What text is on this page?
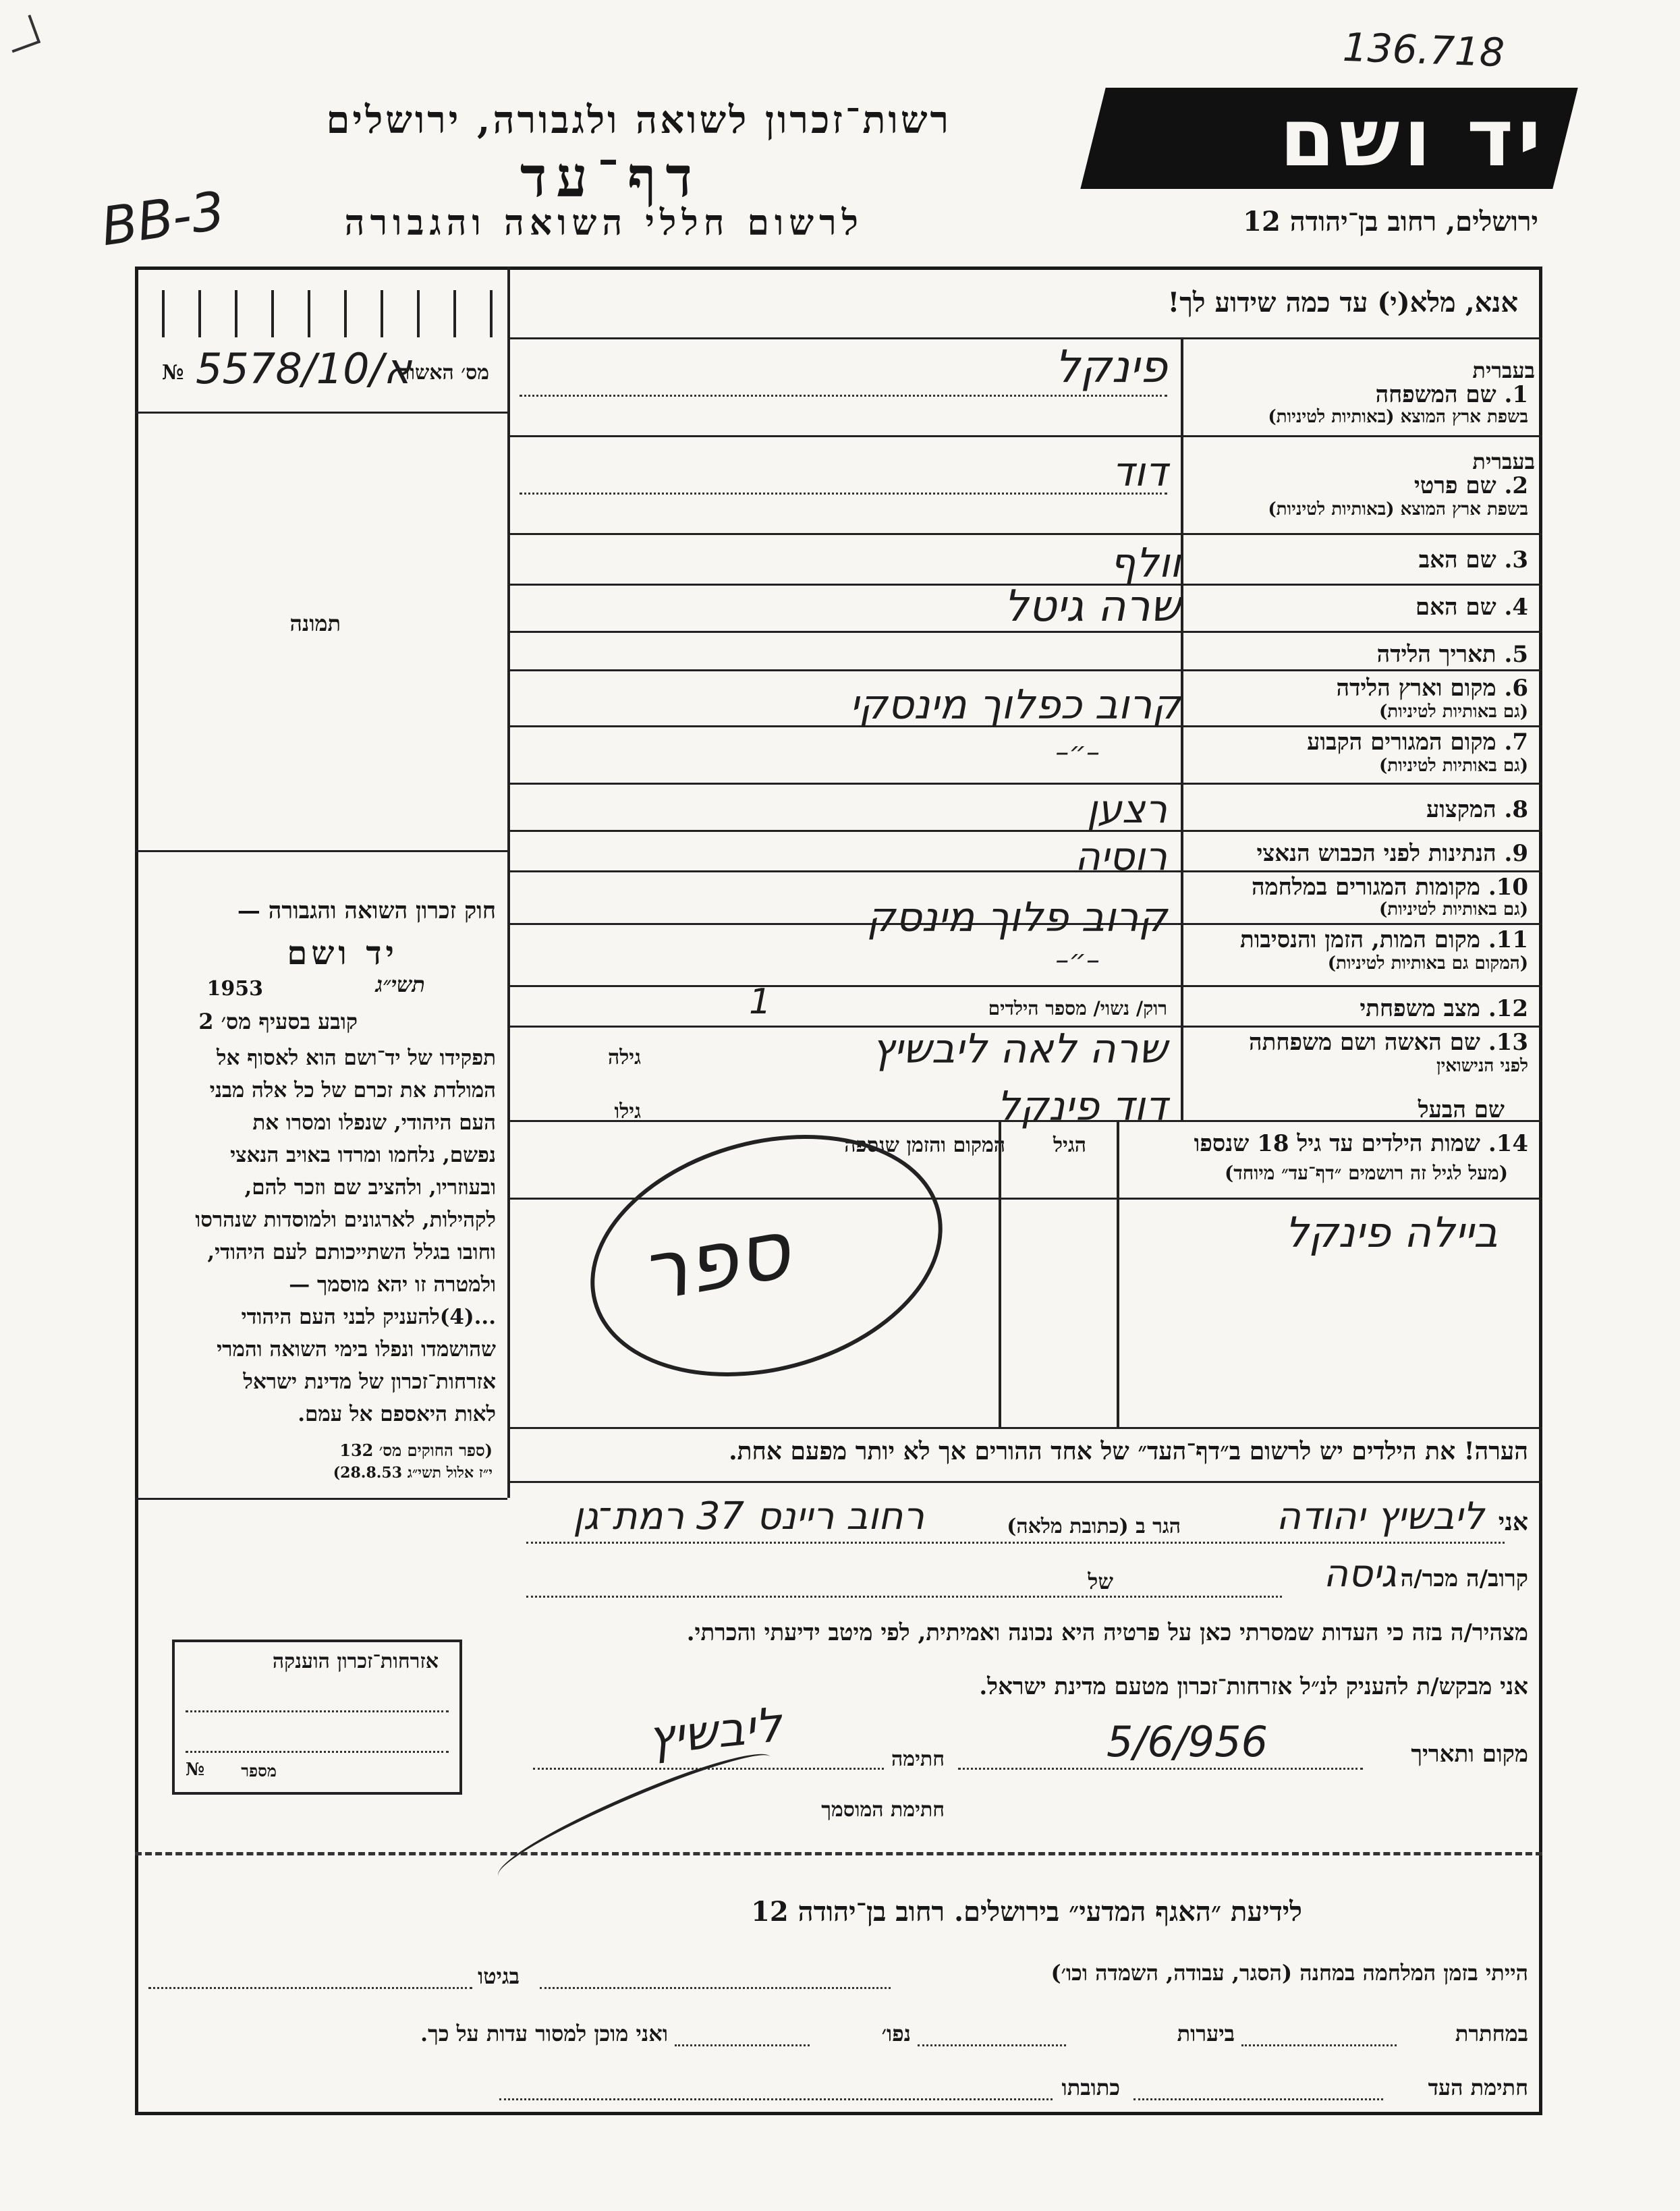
136.718
BB-3
רשות־זכרון לשואה ולגבורה, ירושלים
דף־עד
לרשום חללי השואה והגבורה
יד ושם
ירושלים, רחוב בן־יהודה 12
אנא, מלא(י) עד כמה שידוע לך!
מס׳ האשור
א/5578/10
№
תמונה
חוק זכרון השואה והגבורה —
יד ושם
תשי״ג
1953
קובע בסעיף מס׳ 2
תפקידו של יד־ושם הוא לאסוף אל
המולדת את זכרם של כל אלה מבני
העם היהודי, שנפלו ומסרו את
נפשם, נלחמו ומרדו באויב הנאצי
ובעוזריו, ולהציב שם וזכר להם,
לקהילות, לארגונים ולמוסדות שנהרסו
וחובו בגלל השתייכותם לעם היהודי,
ולמטרה זו יהא מוסמך —
...(4)להעניק לבני העם היהודי
שהושמדו ונפלו בימי השואה והמרי
אזרחות־זכרון של מדינת ישראל
לאות היאספם אל עמם.
(ספר החוקים מס׳ 132
י״ז אלול תשי״ג 28.8.53)
בעברית
1. שם המשפחה
בשפת ארץ המוצא (באותיות לטיניות)
בעברית
2. שם פרטי
בשפת ארץ המוצא (באותיות לטיניות)
3. שם האב
4. שם האם
5. תאריך הלידה
6. מקום וארץ הלידה
(גם באותיות לטיניות)
7. מקום המגורים הקבוע
(גם באותיות לטיניות)
8. המקצוע
9. הנתינות לפני הכבוש הנאצי
10. מקומות המגורים במלחמה
(גם באותיות לטיניות)
11. מקום המות, הזמן והנסיבות
(המקום גם באותיות לטיניות)
12. מצב משפחתי
13. שם האשה ושם משפחתה
לפני הנישואין
שם הבעל
פינקל
דוד
וולף
שרה גיטל
קרוב כפלוך מינסקי
–״–
רצען
רוסיה
קרוב פלוך מינסק
–״–
רוק/ נשוי/ מספר הילדים
1
שרה לאה ליבשיץ
גילה
דוד פינקל
גילו
14. שמות הילדים עד גיל 18 שנספו
(מעל לגיל זה רושמים ״דף־עד״ מיוחד)
הגיל
המקום והזמן שנספה
ביילה פינקל
ספר
הערה! את הילדים יש לרשום ב״דף־העד״ של אחד ההורים אך לא יותר מפעם אחת.
אני
ליבשיץ יהודה
הגר ב (כתובת מלאה)
רחוב ריינס 37 רמת־גן
קרוב/ה מכר/ה
גיסה
של
מצהיר/ה בזה כי העדות שמסרתי כאן על פרטיה היא נכונה ואמיתית, לפי מיטב ידיעתי והכרתי.
אני מבקש/ת להעניק לנ״ל אזרחות־זכרון מטעם מדינת ישראל.
מקום ותאריך
5/6/956
חתימה
ליבשיץ
חתימת המוסמך
אזרחות־זכרון הוענקה
מספר
№
לידיעת ״האגף המדעי״ בירושלים. רחוב בן־יהודה 12
הייתי בזמן המלחמה במחנה (הסגר, עבודה, השמדה וכו׳)
בגיטו
במחתרת
ביערות
נפו׳
ואני מוכן למסור עדות על כך.
חתימת העד
כתובתו
